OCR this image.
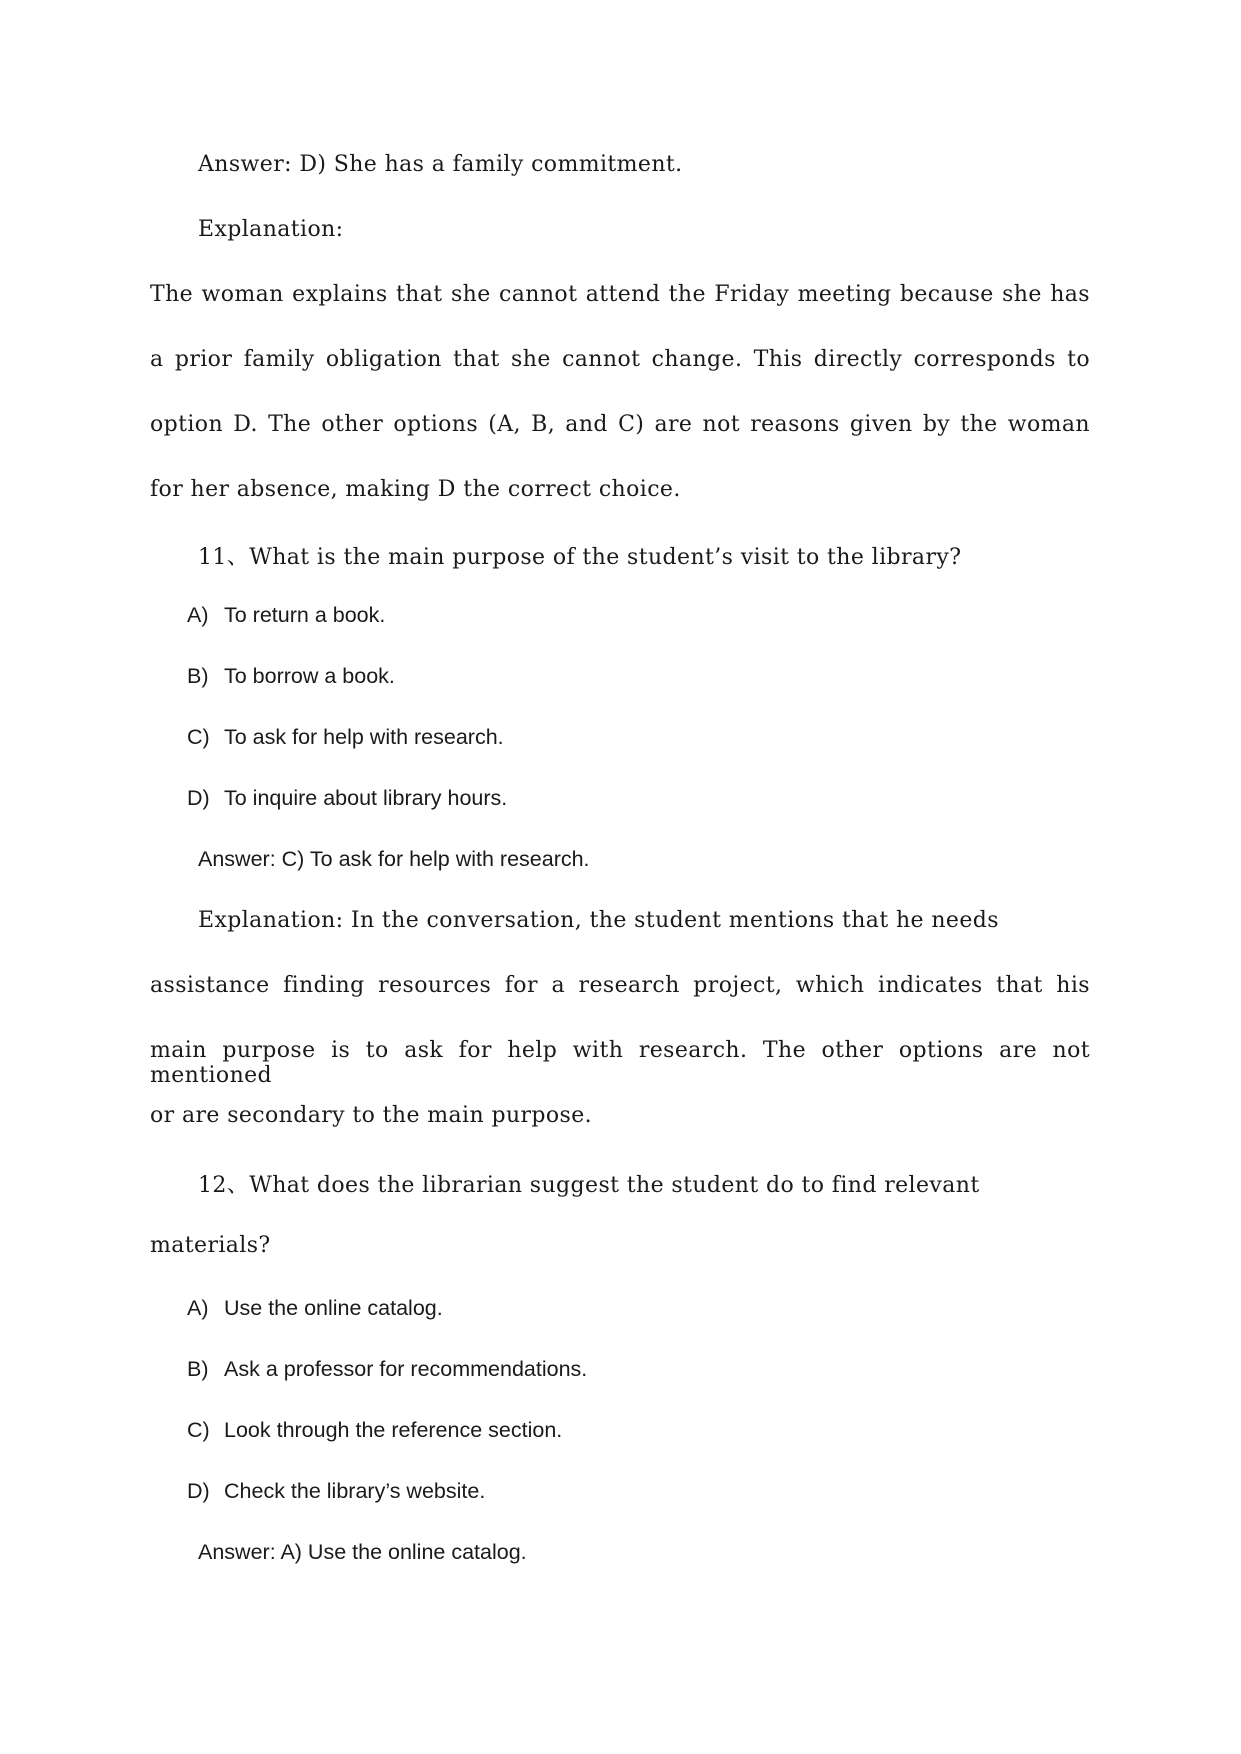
Answer: D) She has a family commitment.
Explanation:
The woman explains that she cannot attend the Friday meeting because she has
a prior family obligation that she cannot change. This directly corresponds to
option D. The other options (A, B, and C) are not reasons given by the woman
for her absence, making D the correct choice.
11、What is the main purpose of the student’s visit to the library?
A) To return a book.
B) To borrow a book.
C) To ask for help with research.
D) To inquire about library hours.
Answer: C) To ask for help with research.
Explanation: In the conversation, the student mentions that he needs
assistance finding resources for a research project, which indicates that his
main purpose is to ask for help with research. The other options are not mentioned
or are secondary to the main purpose.
12、What does the librarian suggest the student do to find relevant
materials?
A) Use the online catalog.
B) Ask a professor for recommendations.
C) Look through the reference section.
D) Check the library’s website.
Answer: A) Use the online catalog.
